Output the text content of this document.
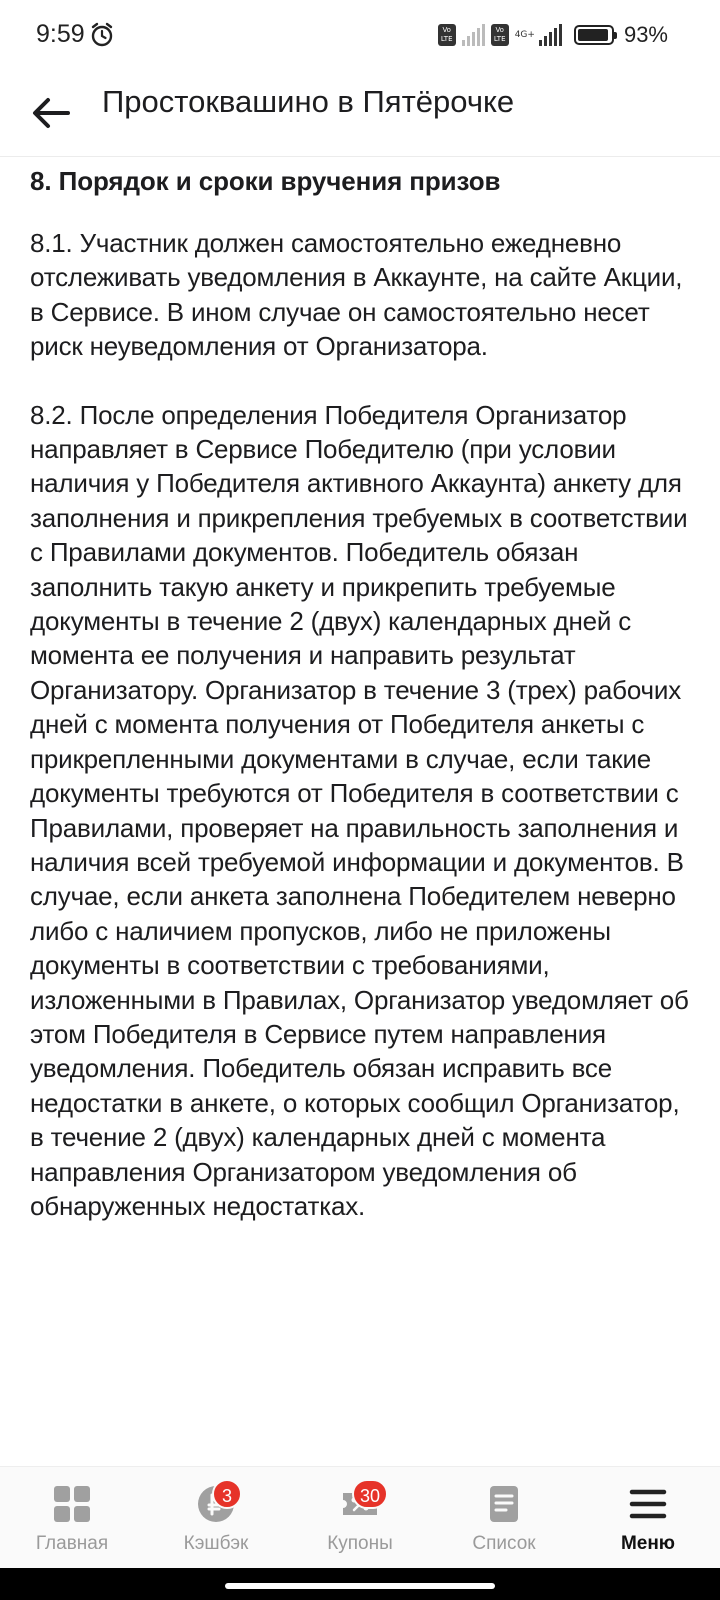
9:59	Vo LTE
Vo LTE	4G+	93%
Простоквашино в Пятёрочке
8. Порядок и сроки вручения призов
8.1. Участник должен самостоятельно ежедневно отслеживать уведомления в Аккаунте, на сайте Акции, в Сервисе. В ином случае он самостоятельно несет риск неуведомления от Организатора.
8.2. После определения Победителя Организатор направляет в Сервисе Победителю (при условии наличия у Победителя активного Аккаунта) анкету для заполнения и прикрепления требуемых в соответствии с Правилами документов. Победитель обязан заполнить такую анкету и прикрепить требуемые документы в течение 2 (двух) календарных дней с момента ее получения и направить результат Организатору. Организатор в течение 3 (трех) рабочих дней с момента получения от Победителя анкеты с прикрепленными документами в случае, если такие документы требуются от Победителя в соответствии с Правилами, проверяет на правильность заполнения и наличия всей требуемой информации и документов. В случае, если анкета заполнена Победителем неверно либо с наличием пропусков, либо не приложены документы в соответствии с требованиями, изложенными в Правилах, Организатор уведомляет об этом Победителя в Сервисе путем направления уведомления. Победитель обязан исправить все недостатки в анкете, о которых сообщил Организатор, в течение 2 (двух) календарных дней с момента направления Организатором уведомления об обнаруженных недостатках.
Главная
3
Кэшбэк
30
Купоны	Список	Меню
